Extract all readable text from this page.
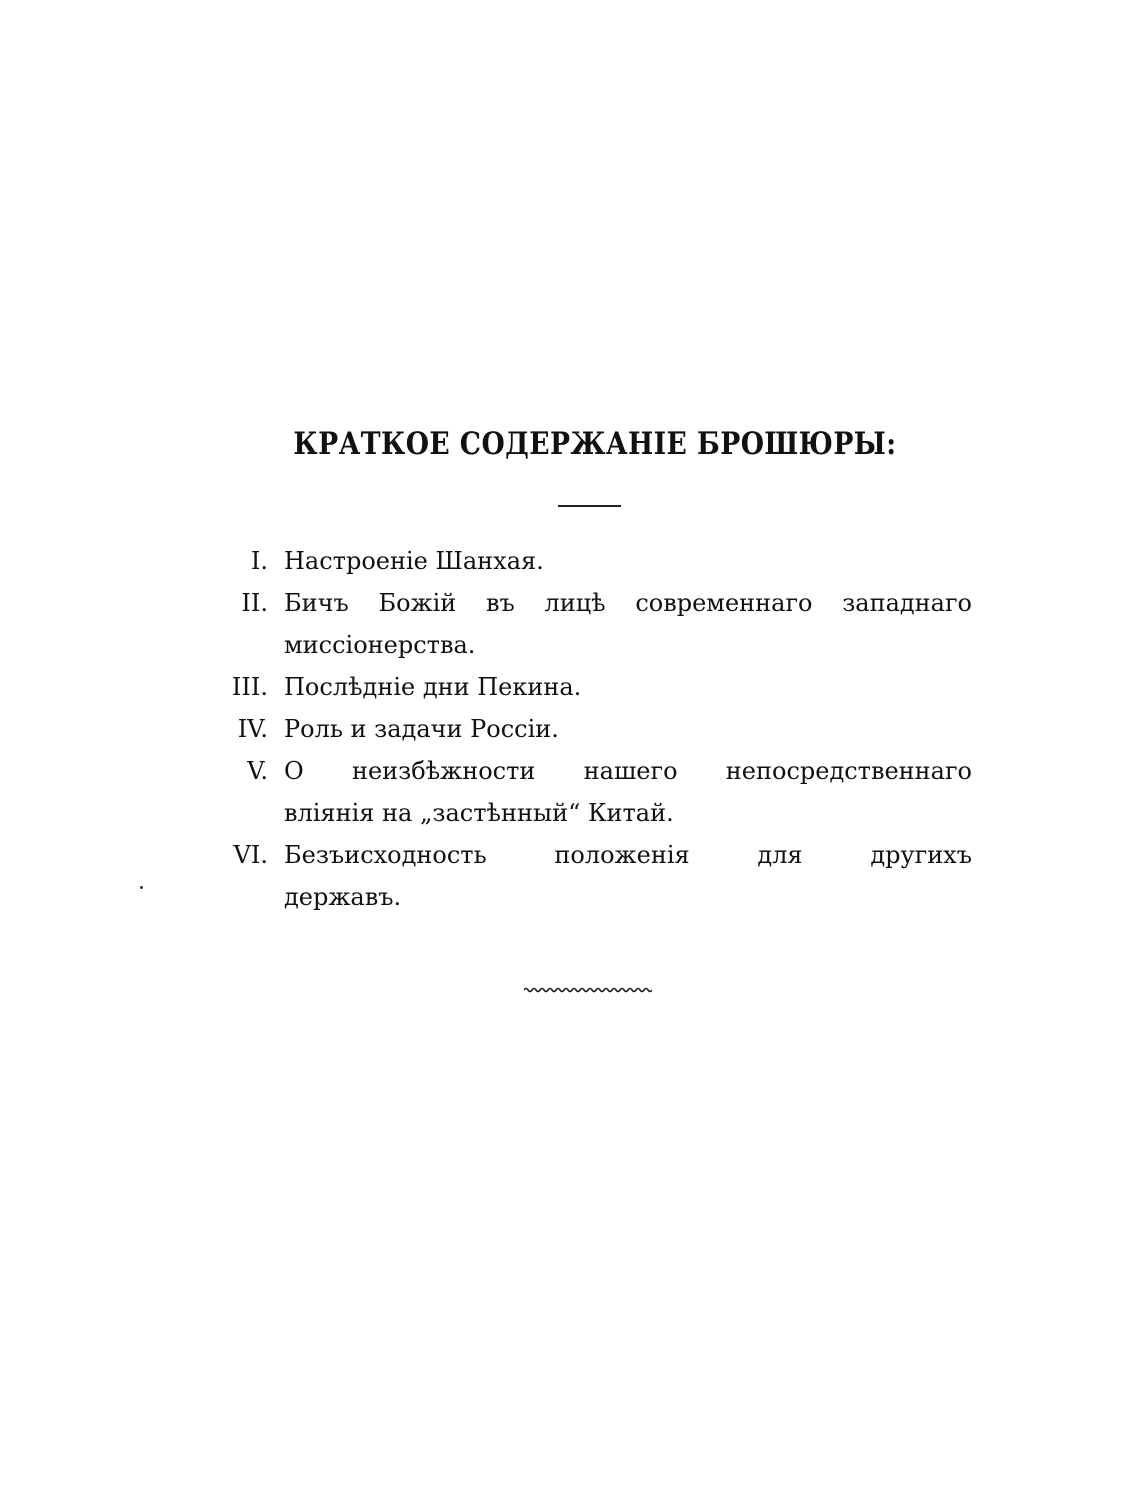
КРАТКОЕ СОДЕРЖАНІЕ БРОШЮРЫ:
I. Настроеніе Шанхая.
II. Бичъ Божій въ лицѣ современнаго западнаго
миссіонерства.
III. Послѣдніе дни Пекина.
IV. Роль и задачи Россіи.
V. О неизбѣжности нашего непосредственнаго
вліянія на „застѣнный“ Китай.
VI. Безъисходность положенія для другихъ
державъ.
